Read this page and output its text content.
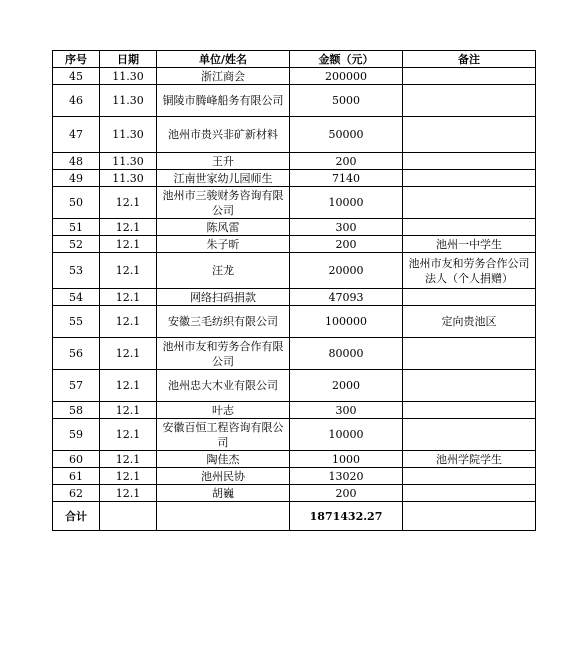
序号	日期	单位/姓名	金额（元）	备注
45	11.30	浙江商会	200000	
46	11.30	铜陵市腾峰船务有限公司	5000	
47	11.30	池州市贵兴非矿新材料	50000	
48	11.30	王升	200	
49	11.30	江南世家幼儿园师生	7140	
50	12.1	池州市三骏财务咨询有限公司	10000	
51	12.1	陈风雷	300	
52	12.1	朱子昕	200	池州一中学生
53	12.1	汪龙	20000	池州市友和劳务合作公司法人（个人捐赠）
54	12.1	网络扫码捐款	47093	
55	12.1	安徽三毛纺织有限公司	100000	定向贵池区
56	12.1	池州市友和劳务合作有限公司	80000	
57	12.1	池州忠大木业有限公司	2000	
58	12.1	叶志	300	
59	12.1	安徽百恒工程咨询有限公司	10000	
60	12.1	陶佳杰	1000	池州学院学生
61	12.1	池州民协	13020	
62	12.1	胡巍	200	
合计			1871432.27	
